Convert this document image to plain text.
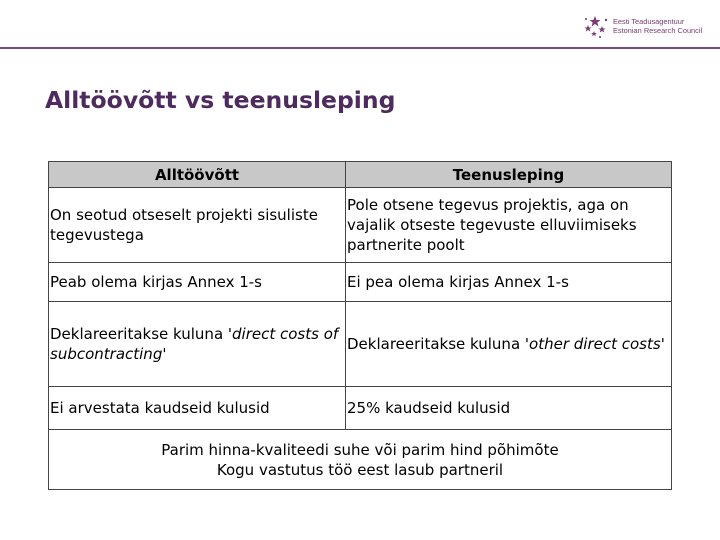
Eesti Teadusagentuur
Estonian Research Council
Alltöövõtt vs teenusleping
Alltöövõtt	Teenusleping
On seotud otseselt projekti sisuliste tegevustega	Pole otsene tegevus projektis, aga on vajalik otseste tegevuste elluviimiseks partnerite poolt
Peab olema kirjas Annex 1-s	Ei pea olema kirjas Annex 1-s
Deklareeritakse kuluna 'direct costs of subcontracting'	Deklareeritakse kuluna 'other direct costs'
Ei arvestata kaudseid kulusid	25% kaudseid kulusid

Parim hinna-kvaliteedi suhe või parim hind põhimõte
Kogu vastutus töö eest lasub partneril	
